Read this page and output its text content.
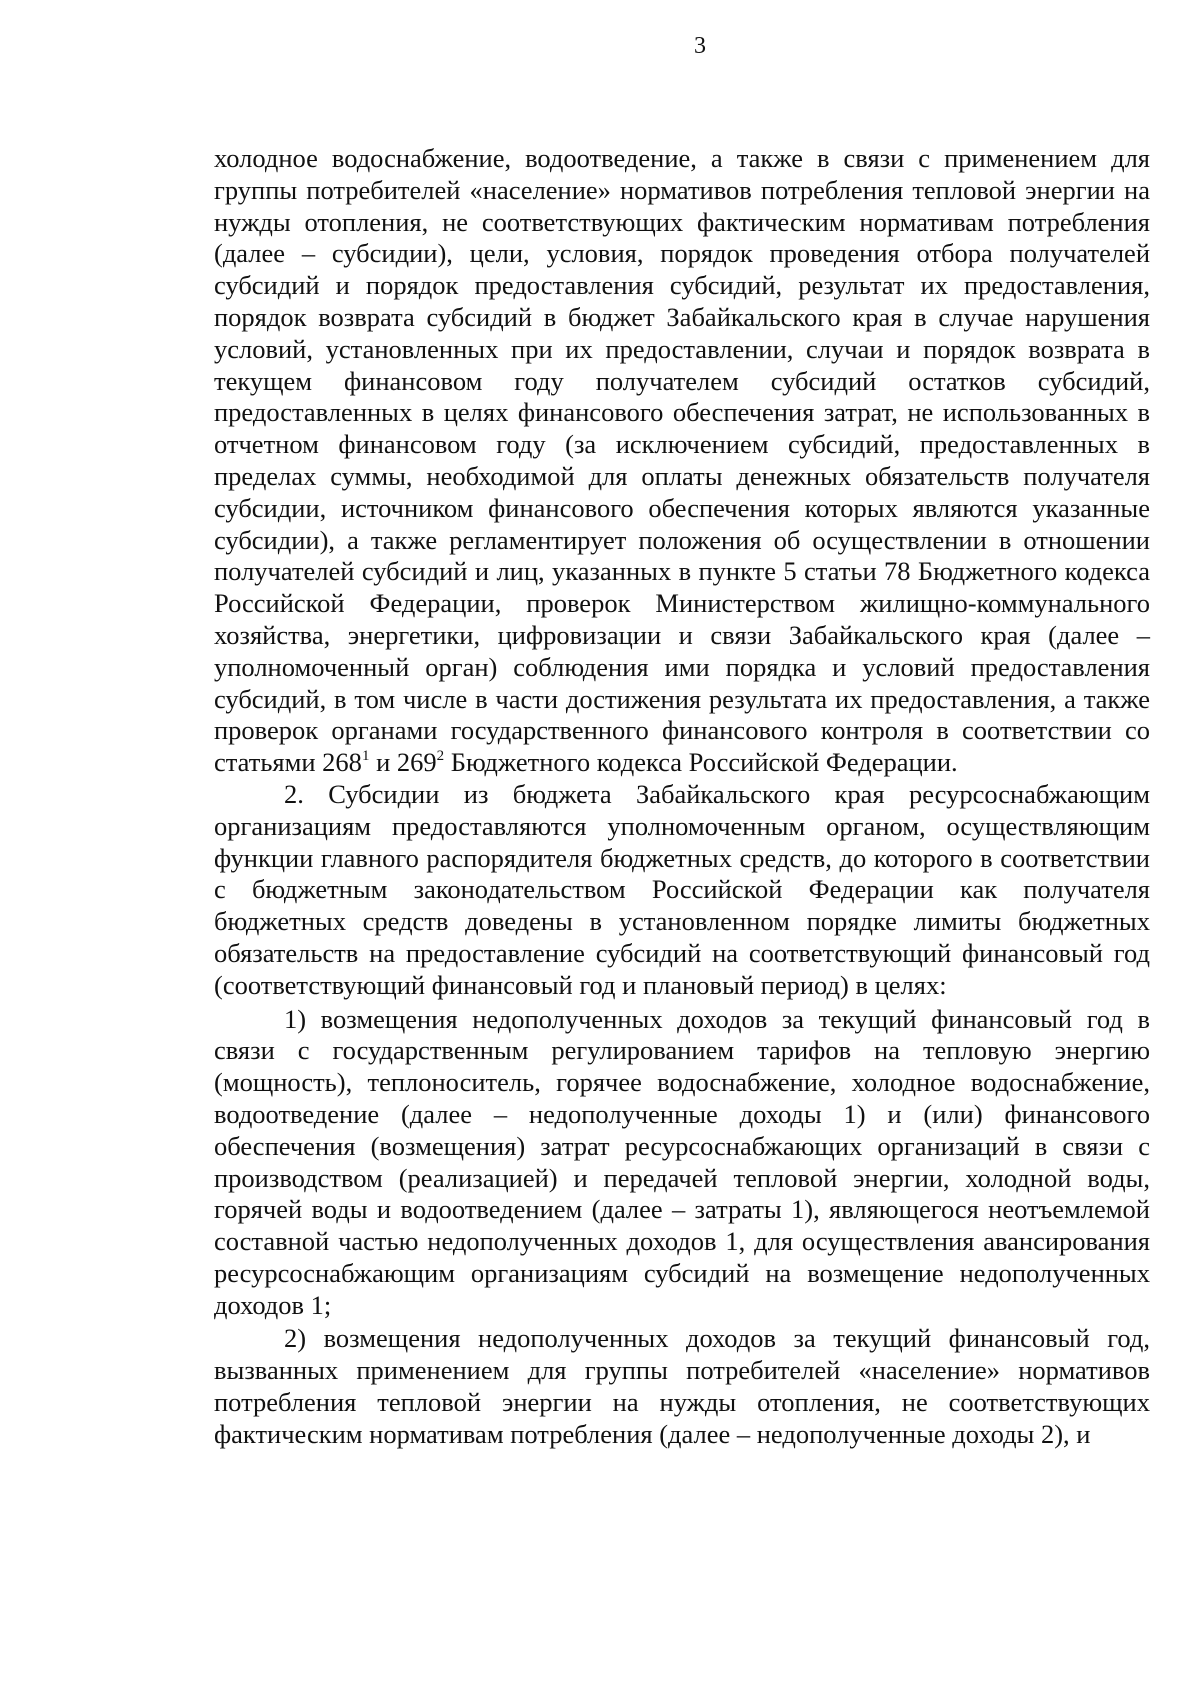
3

холодное водоснабжение, водоотведение, а также в связи с применением для группы потребителей «население» нормативов потребления тепловой энергии на нужды отопления, не соответствующих фактическим нормативам потребления (далее – субсидии), цели, условия, порядок проведения отбора получателей субсидий и порядок предоставления субсидий, результат их предоставления, порядок возврата субсидий в бюджет Забайкальского края в случае нарушения условий, установленных при их предоставлении, случаи и порядок возврата в текущем финансовом году получателем субсидий остатков субсидий, предоставленных в целях финансового обеспечения затрат, не использованных в отчетном финансовом году (за исключением субсидий, предоставленных в пределах суммы, необходимой для оплаты денежных обязательств получателя субсидии, источником финансового обеспечения которых являются указанные субсидии), а также регламентирует положения об осуществлении в отношении получателей субсидий и лиц, указанных в пункте 5 статьи 78 Бюджетного кодекса Российской Федерации, проверок Министерством жилищно-коммунального хозяйства, энергетики, цифровизации и связи Забайкальского края (далее – уполномоченный орган) соблюдения ими порядка и условий предоставления субсидий, в том числе в части достижения результата их предоставления, а также проверок органами государственного финансового контроля в соответствии со статьями $268^1$ и $269^2$ Бюджетного кодекса Российской Федерации.

2. Субсидии из бюджета Забайкальского края ресурсоснабжающим организациям предоставляются уполномоченным органом, осуществляющим функции главного распорядителя бюджетных средств, до которого в соответствии с бюджетным законодательством Российской Федерации как получателя бюджетных средств доведены в установленном порядке лимиты бюджетных обязательств на предоставление субсидий на соответствующий финансовый год (соответствующий финансовый год и плановый период) в целях:

1) возмещения недополученных доходов за текущий финансовый год в связи с государственным регулированием тарифов на тепловую энергию (мощность), теплоноситель, горячее водоснабжение, холодное водоснабжение, водоотведение (далее – недополученные доходы 1) и (или) финансового обеспечения (возмещения) затрат ресурсоснабжающих организаций в связи с производством (реализацией) и передачей тепловой энергии, холодной воды, горячей воды и водоотведением (далее – затраты 1), являющегося неотъемлемой составной частью недополученных доходов 1, для осуществления авансирования ресурсоснабжающим организациям субсидий на возмещение недополученных доходов 1;

2) возмещения недополученных доходов за текущий финансовый год, вызванных применением для группы потребителей «население» нормативов потребления тепловой энергии на нужды отопления, не соответствующих фактическим нормативам потребления (далее – недополученные доходы 2), и
